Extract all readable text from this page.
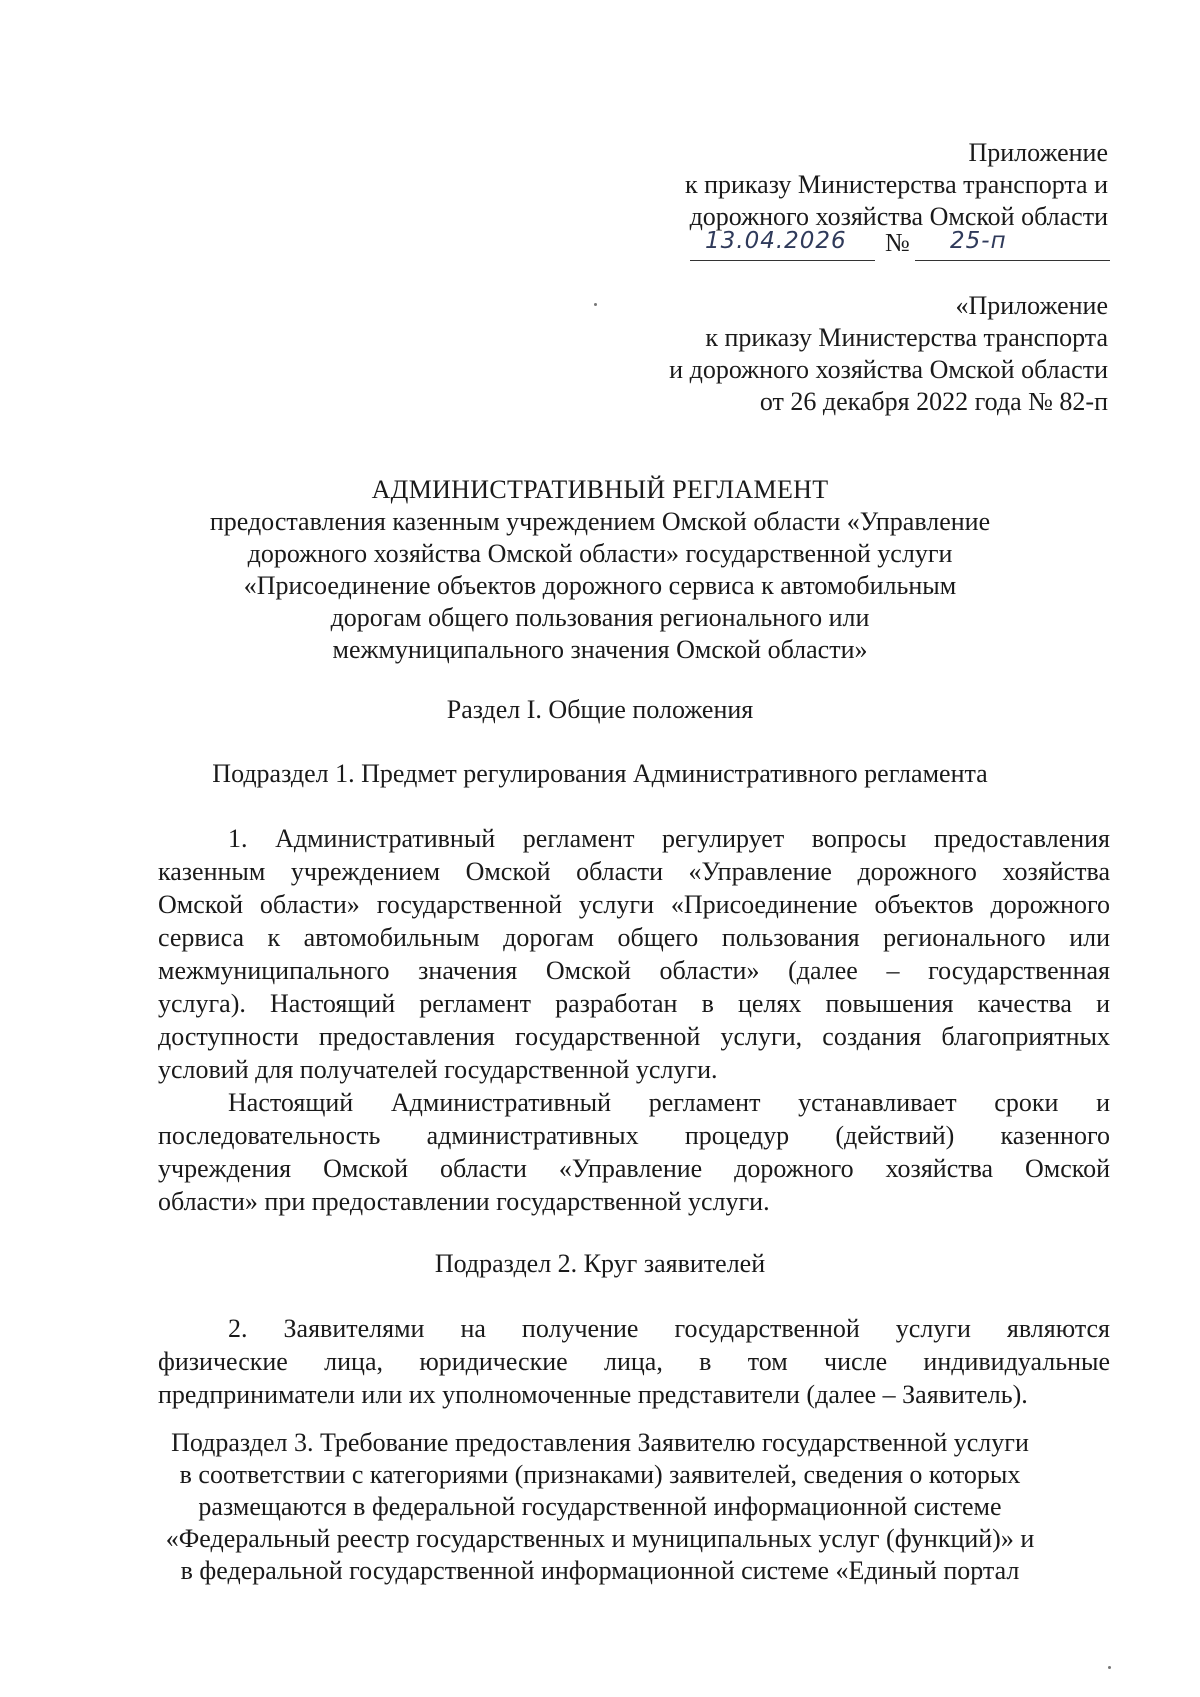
Приложение
к приказу Министерства транспорта и
дорожного хозяйства Омской области
13.04.2026 № 25-п
«Приложение
к приказу Министерства транспорта
и дорожного хозяйства Омской области
от 26 декабря 2022 года № 82-п
АДМИНИСТРАТИВНЫЙ РЕГЛАМЕНТ
предоставления казенным учреждением Омской области «Управление
дорожного хозяйства Омской области» государственной услуги
«Присоединение объектов дорожного сервиса к автомобильным
дорогам общего пользования регионального или
межмуниципального значения Омской области»
Раздел I. Общие положения
Подраздел 1. Предмет регулирования Административного регламента
1. Административный регламент регулирует вопросы предоставления
казенным учреждением Омской области «Управление дорожного хозяйства
Омской области» государственной услуги «Присоединение объектов дорожного
сервиса к автомобильным дорогам общего пользования регионального или
межмуниципального значения Омской области» (далее – государственная
услуга). Настоящий регламент разработан в целях повышения качества и
доступности предоставления государственной услуги, создания благоприятных
условий для получателей государственной услуги.
Настоящий Административный регламент устанавливает сроки и
последовательность административных процедур (действий) казенного
учреждения Омской области «Управление дорожного хозяйства Омской
области» при предоставлении государственной услуги.
Подраздел 2. Круг заявителей
2. Заявителями на получение государственной услуги являются
физические лица, юридические лица, в том числе индивидуальные
предприниматели или их уполномоченные представители (далее – Заявитель).
Подраздел 3. Требование предоставления Заявителю государственной услуги
в соответствии с категориями (признаками) заявителей, сведения о которых
размещаются в федеральной государственной информационной системе
«Федеральный реестр государственных и муниципальных услуг (функций)» и
в федеральной государственной информационной системе «Единый портал
